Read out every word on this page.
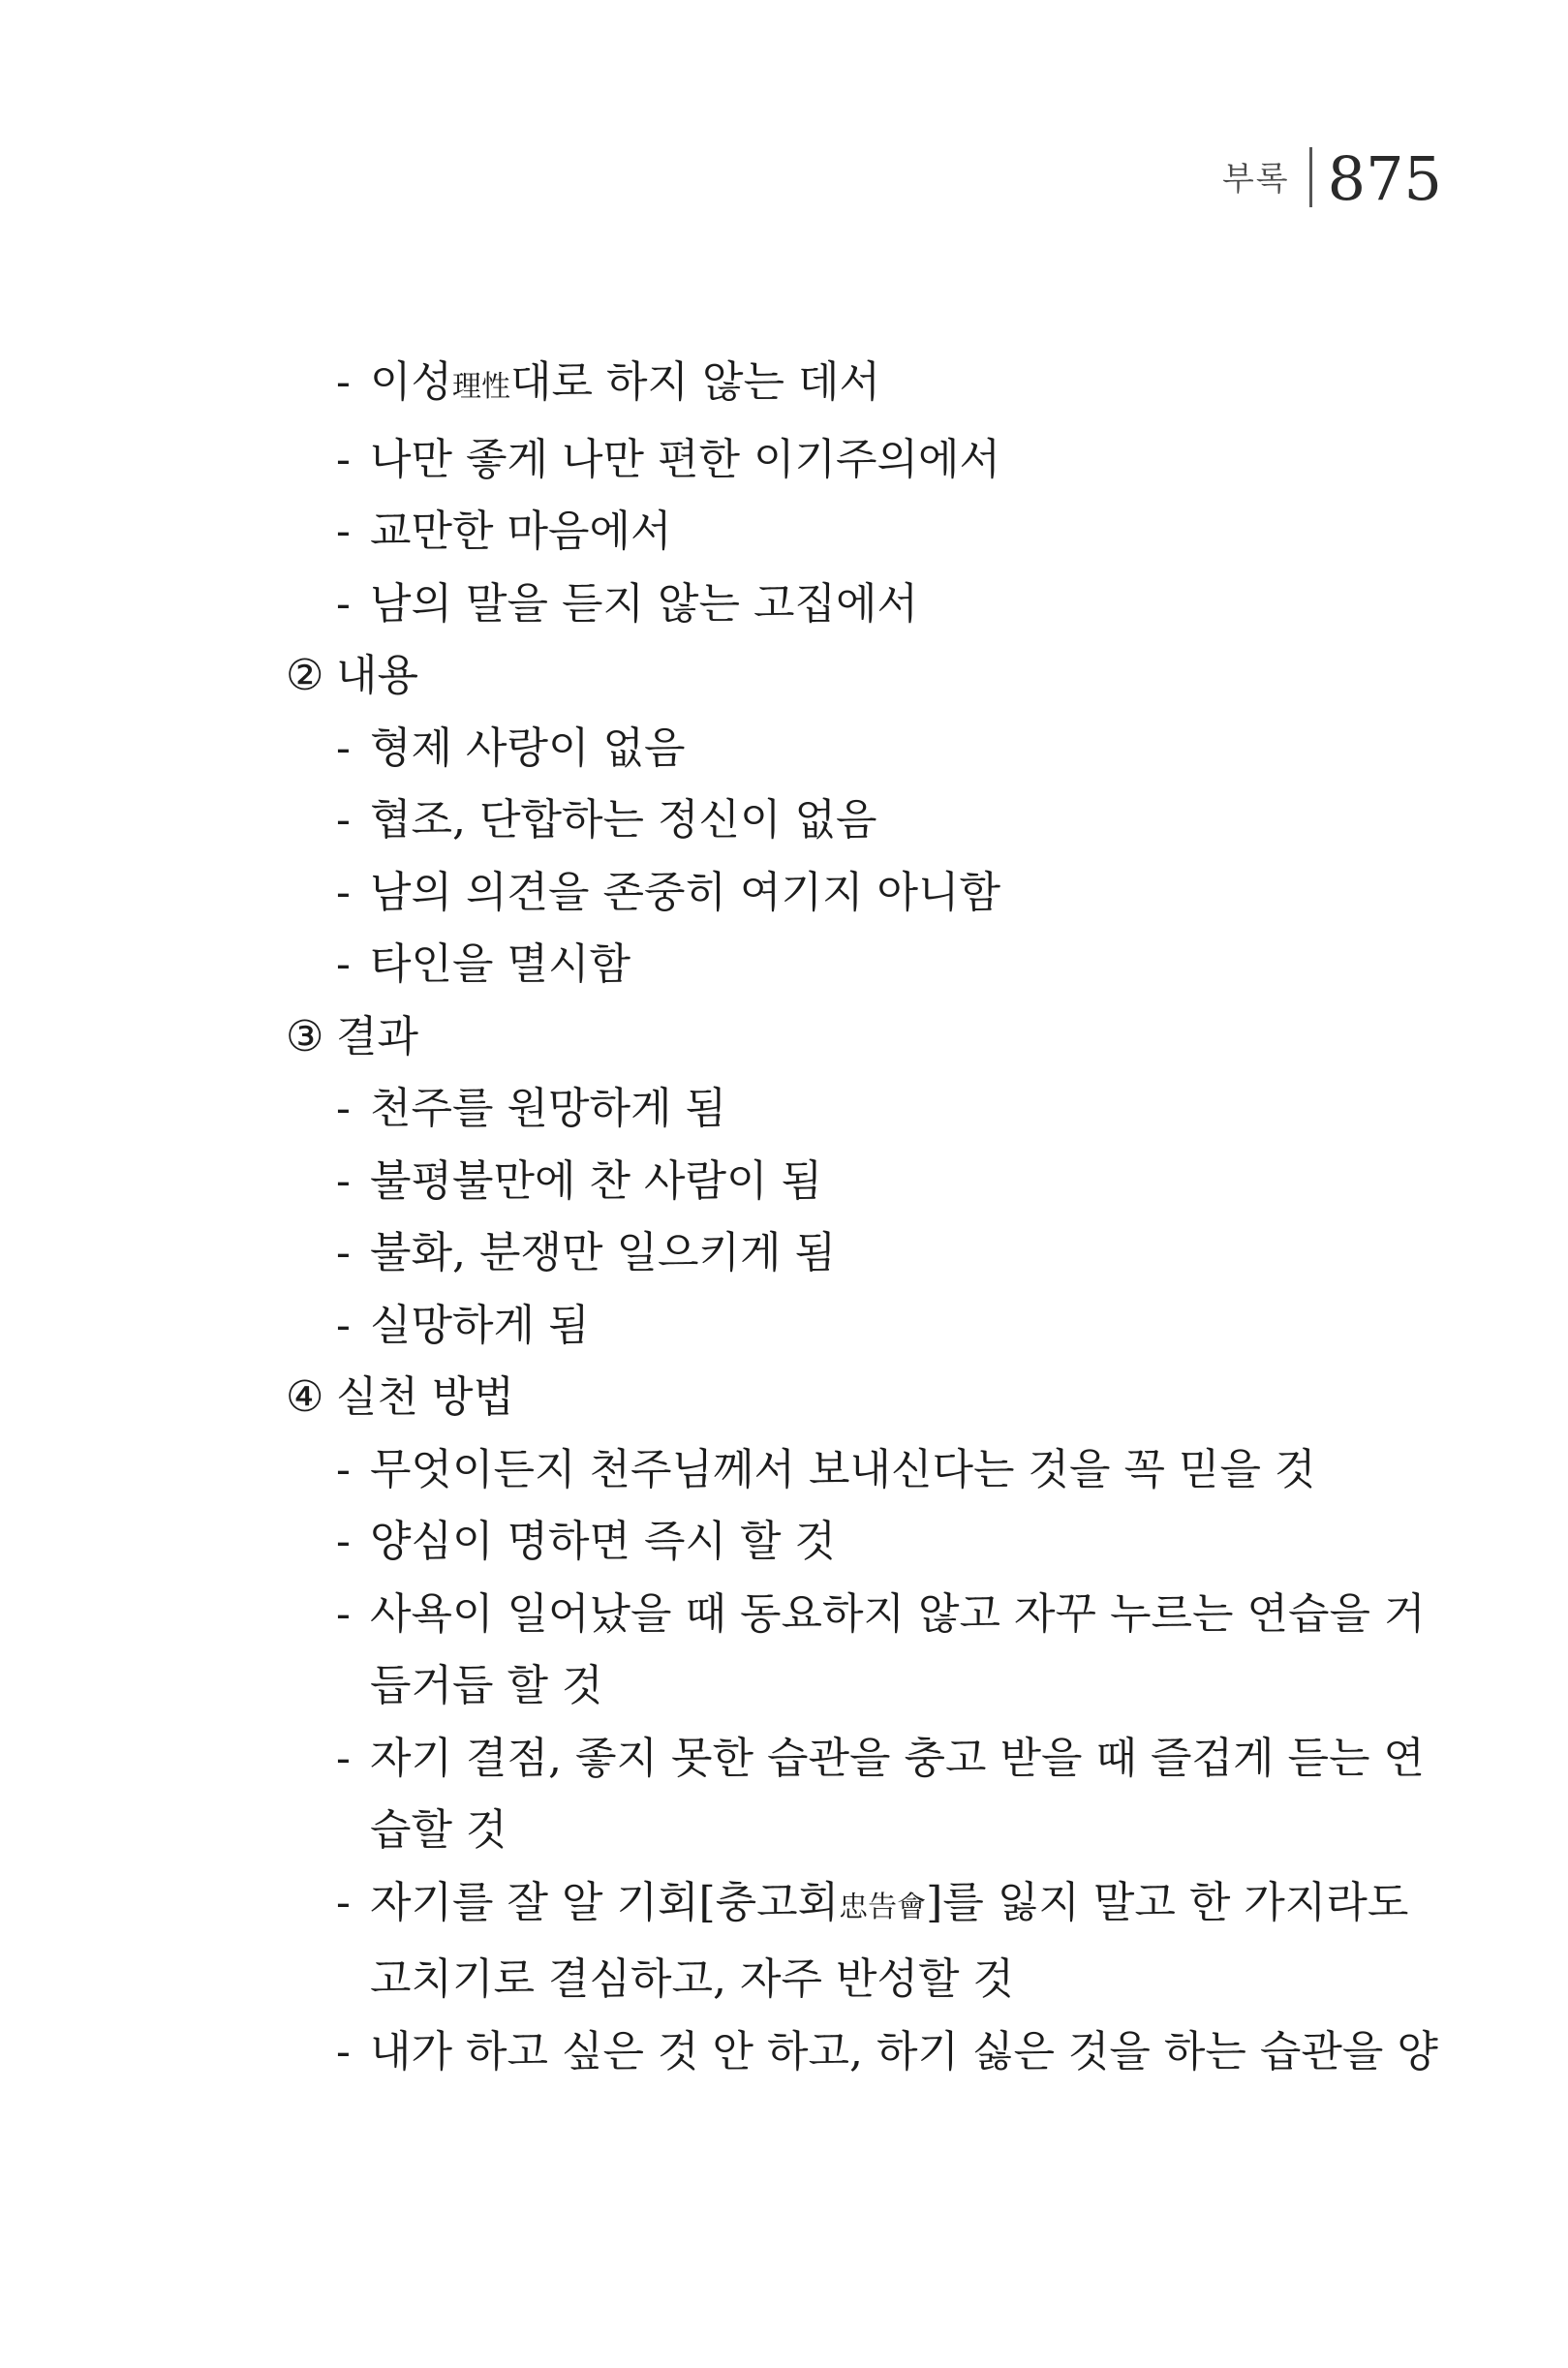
부록 875
- 이성理性대로 하지 않는 데서
- 나만 좋게 나만 편한 이기주의에서
- 교만한 마음에서
- 남의 말을 듣지 않는 고집에서
② 내용
- 형제 사랑이 없음
- 협조, 단합하는 정신이 없음
- 남의 의견을 존중히 여기지 아니함
- 타인을 멸시함
③ 결과
- 천주를 원망하게 됨
- 불평불만에 찬 사람이 됨
- 불화, 분쟁만 일으키게 됨
- 실망하게 됨
④ 실천 방법
- 무엇이든지 천주님께서 보내신다는 것을 꼭 믿을 것
- 양심이 명하면 즉시 할 것
- 사욕이 일어났을 때 동요하지 않고 자꾸 누르는 연습을 거
듭거듭 할 것
- 자기 결점, 좋지 못한 습관을 충고 받을 때 즐겁게 듣는 연
습할 것
- 자기를 잘 알 기회[충고회忠告會]를 잃지 말고 한 가지라도
고치기로 결심하고, 자주 반성할 것
- 내가 하고 싶은 것 안 하고, 하기 싫은 것을 하는 습관을 양
